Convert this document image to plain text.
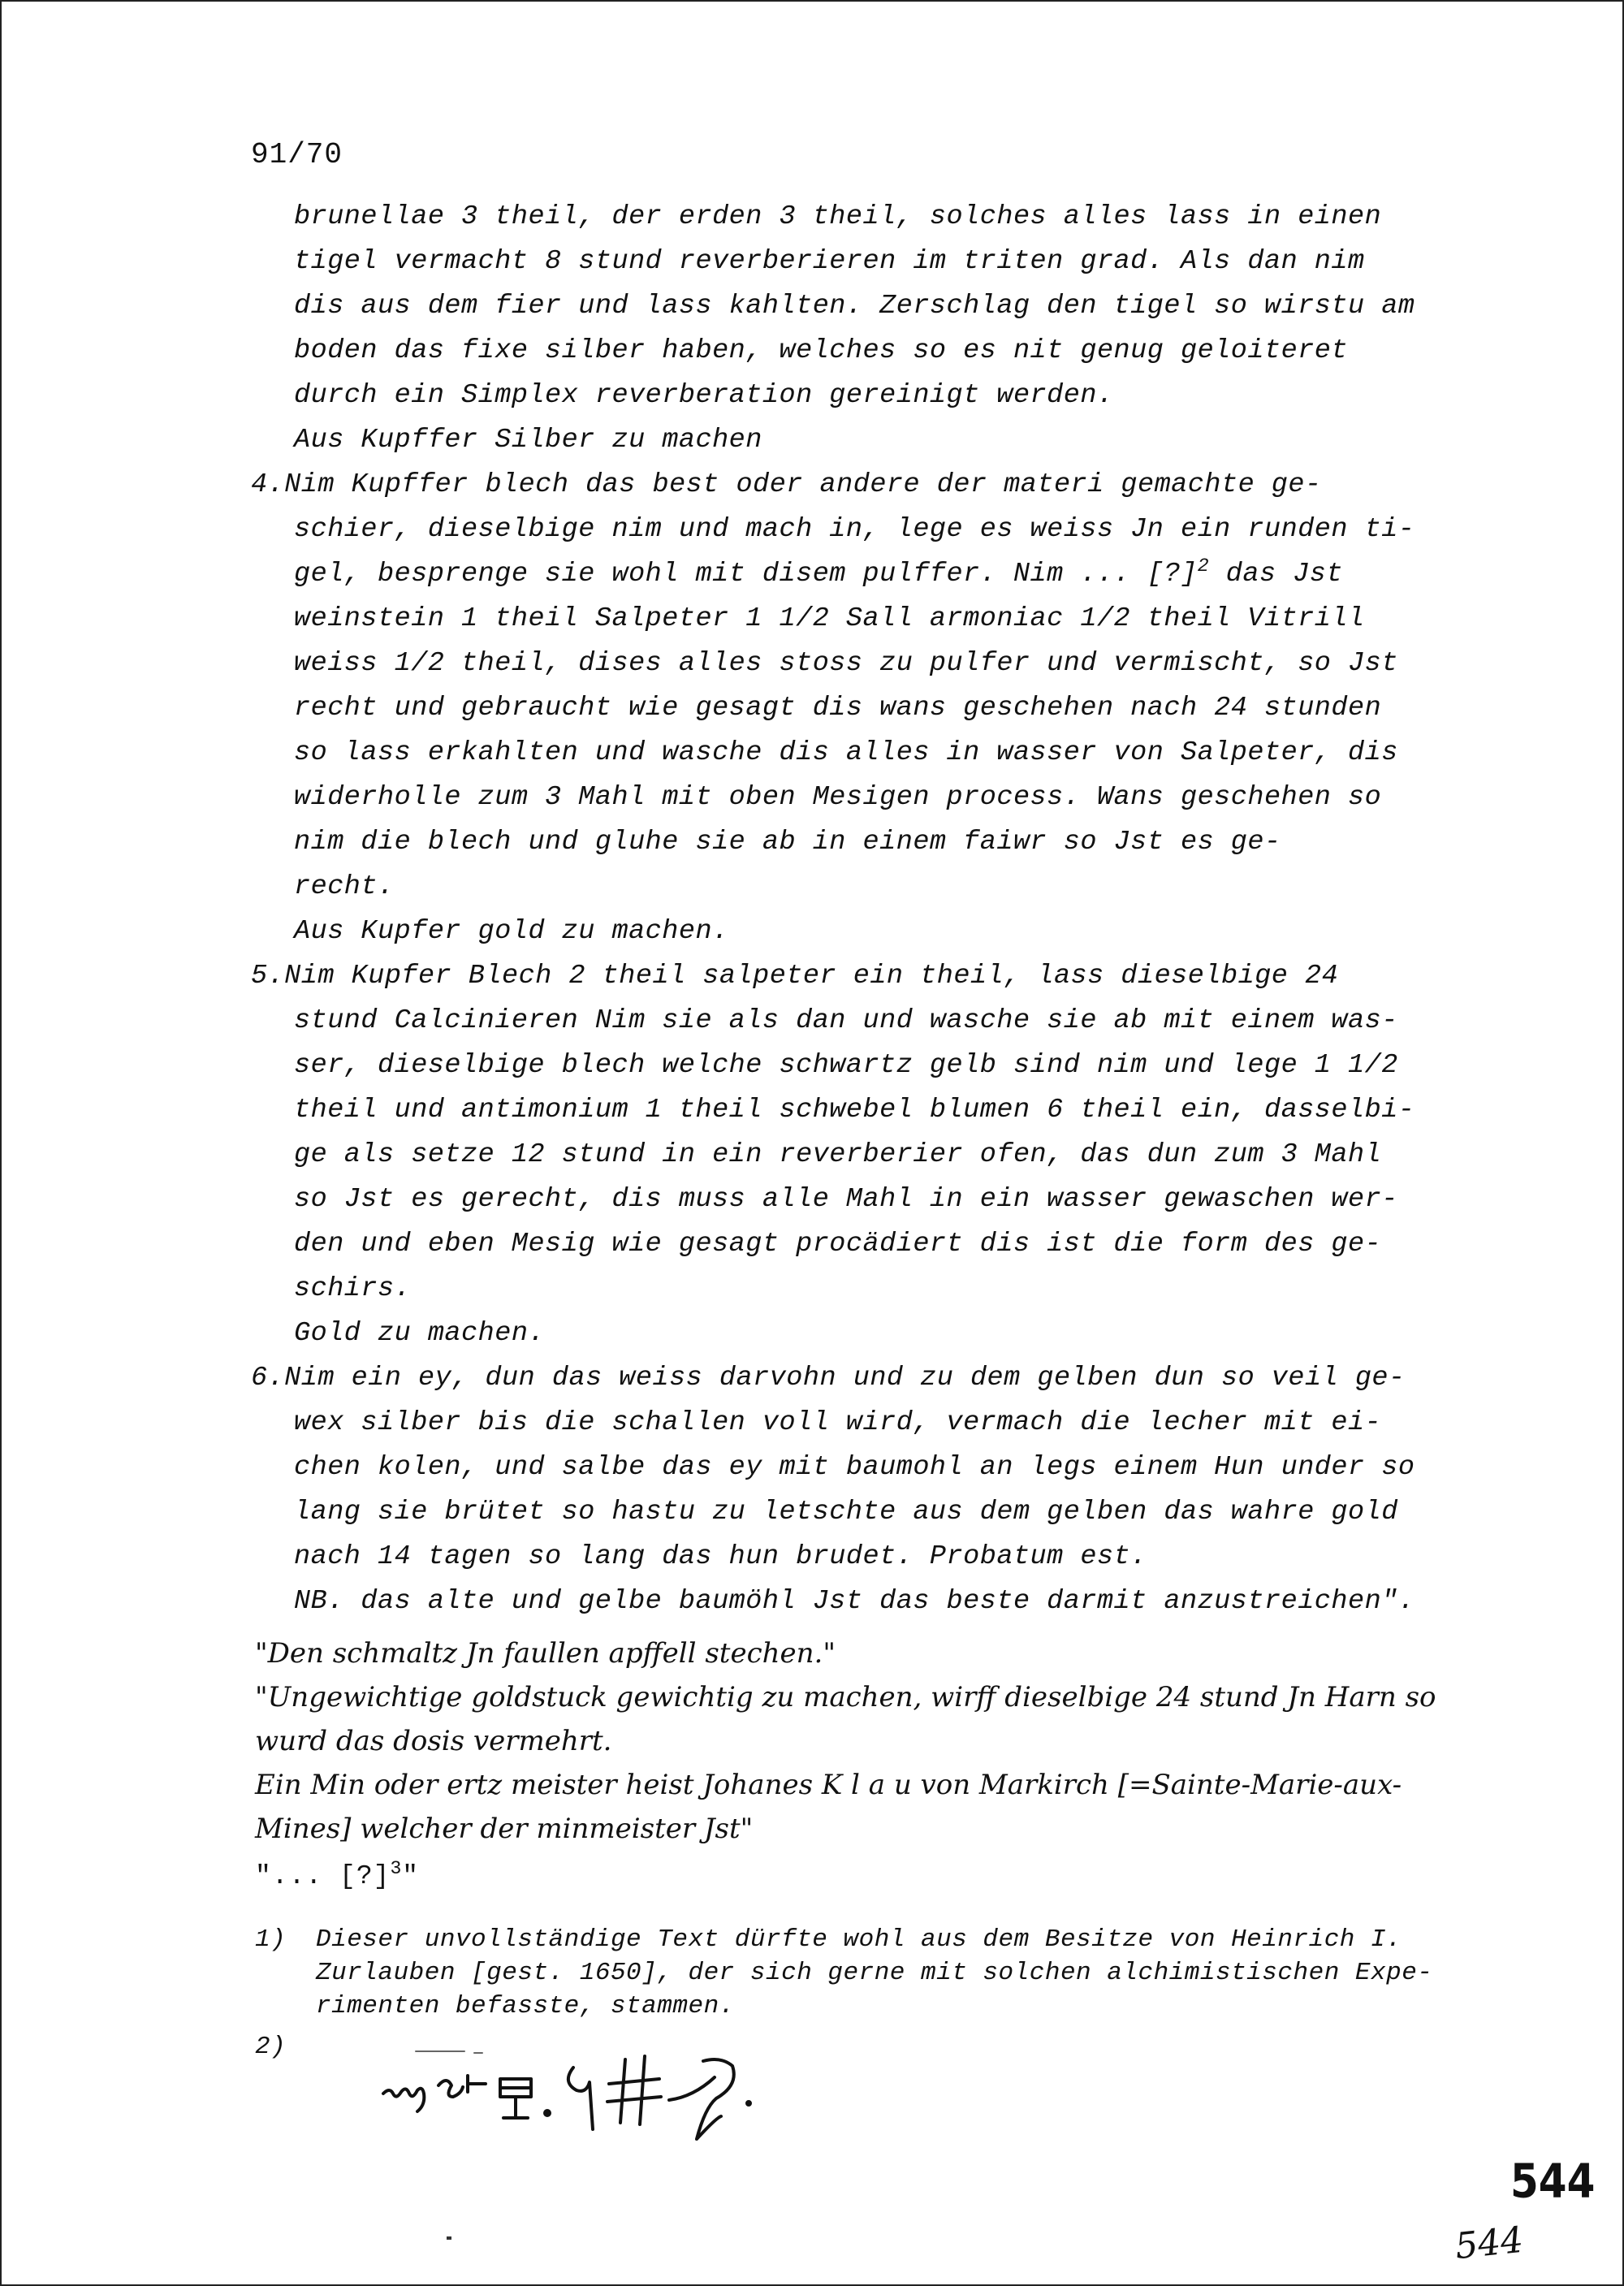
91/70
brunellae 3 theil, der erden 3 theil, solches alles lass in einen
tigel vermacht 8 stund reverberieren im triten grad. Als dan nim
dis aus dem fier und lass kahlten. Zerschlag den tigel so wirstu am
boden das fixe silber haben, welches so es nit genug geloiteret
durch ein Simplex reverberation gereinigt werden.
Aus Kupffer Silber zu machen
4.Nim Kupffer blech das best oder andere der materi gemachte ge-
schier, dieselbige nim und mach in, lege es weiss Jn ein runden ti-
gel, besprenge sie wohl mit disem pulffer. Nim ... [?]$^2$ das Jst
weinstein 1 theil Salpeter 1 1/2 Sall armoniac 1/2 theil Vitrill
weiss 1/2 theil, dises alles stoss zu pulfer und vermischt, so Jst
recht und gebraucht wie gesagt dis wans geschehen nach 24 stunden
so lass erkahlten und wasche dis alles in wasser von Salpeter, dis
widerholle zum 3 Mahl mit oben Mesigen process. Wans geschehen so
nim die blech und gluhe sie ab in einem faiwr so Jst es ge-
recht.
Aus Kupfer gold zu machen.
5.Nim Kupfer Blech 2 theil salpeter ein theil, lass dieselbige 24
stund Calcinieren Nim sie als dan und wasche sie ab mit einem was-
ser, dieselbige blech welche schwartz gelb sind nim und lege 1 1/2
theil und antimonium 1 theil schwebel blumen 6 theil ein, dasselbi-
ge als setze 12 stund in ein reverberier ofen, das dun zum 3 Mahl
so Jst es gerecht, dis muss alle Mahl in ein wasser gewaschen wer-
den und eben Mesig wie gesagt procädiert dis ist die form des ge-
schirs.
Gold zu machen.
6.Nim ein ey, dun das weiss darvohn und zu dem gelben dun so veil ge-
wex silber bis die schallen voll wird, vermach die lecher mit ei-
chen kolen, und salbe das ey mit baumohl an legs einem Hun under so
lang sie brütet so hastu zu letschte aus dem gelben das wahre gold
nach 14 tagen so lang das hun brudet. Probatum est.
NB. das alte und gelbe baumöhl Jst das beste darmit anzustreichen".
"Den schmaltz Jn faullen apffell stechen."
"Ungewichtige goldstuck gewichtig zu machen, wirff dieselbige 24 stund Jn Harn so
wurd das dosis vermehrt.
Ein Min oder ertz meister heist Johanes K l a u von Markirch [=Sainte-Marie-aux-
Mines] welcher der minmeister Jst"
"... [?]$^3$"
1) Dieser unvollständige Text dürfte wohl aus dem Besitze von Heinrich I.
Zurlauben [gest. 1650], der sich gerne mit solchen alchimistischen Expe-
rimenten befasste, stammen.
2)
544
544
